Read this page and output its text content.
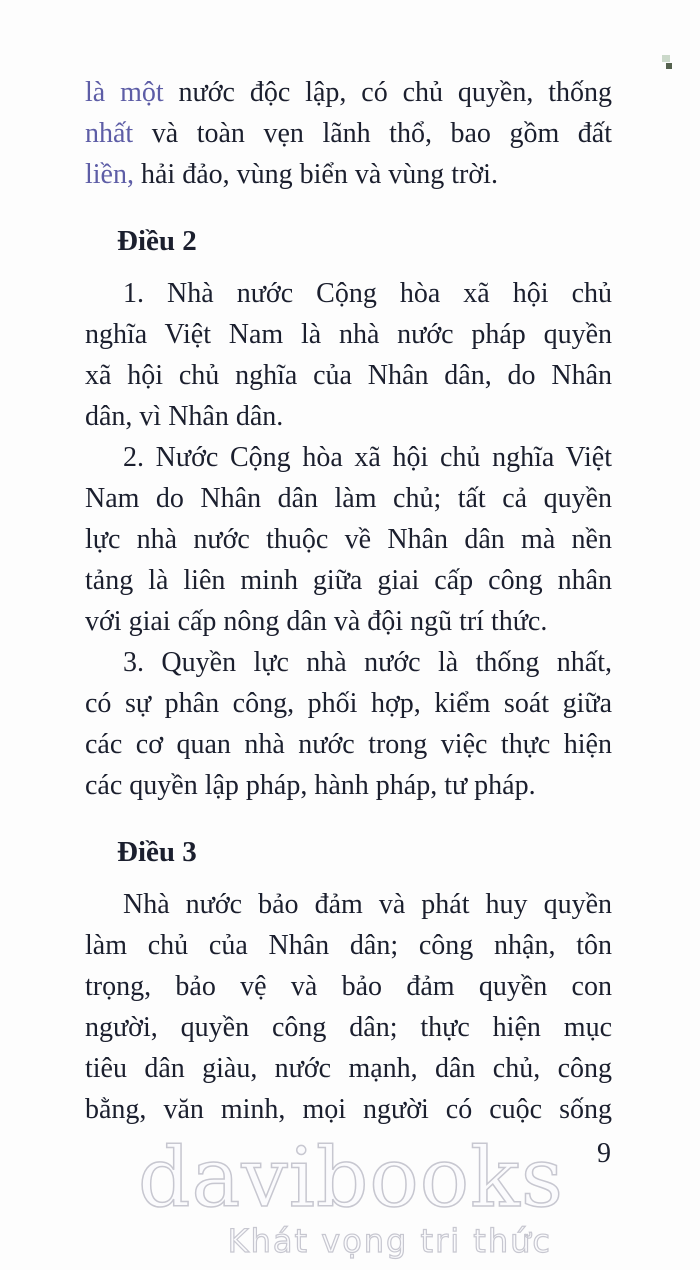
là một nước độc lập, có chủ quyền, thống
nhất và toàn vẹn lãnh thổ, bao gồm đất
liền, hải đảo, vùng biển và vùng trời.
Điều 2
1. Nhà nước Cộng hòa xã hội chủ
nghĩa Việt Nam là nhà nước pháp quyền
xã hội chủ nghĩa của Nhân dân, do Nhân
dân, vì Nhân dân.
2. Nước Cộng hòa xã hội chủ nghĩa Việt
Nam do Nhân dân làm chủ; tất cả quyền
lực nhà nước thuộc về Nhân dân mà nền
tảng là liên minh giữa giai cấp công nhân
với giai cấp nông dân và đội ngũ trí thức.
3. Quyền lực nhà nước là thống nhất,
có sự phân công, phối hợp, kiểm soát giữa
các cơ quan nhà nước trong việc thực hiện
các quyền lập pháp, hành pháp, tư pháp.
Điều 3
Nhà nước bảo đảm và phát huy quyền
làm chủ của Nhân dân; công nhận, tôn
trọng, bảo vệ và bảo đảm quyền con
người, quyền công dân; thực hiện mục
tiêu dân giàu, nước mạnh, dân chủ, công
bằng, văn minh, mọi người có cuộc sống
9
davibooks
Khát vọng tri thức
